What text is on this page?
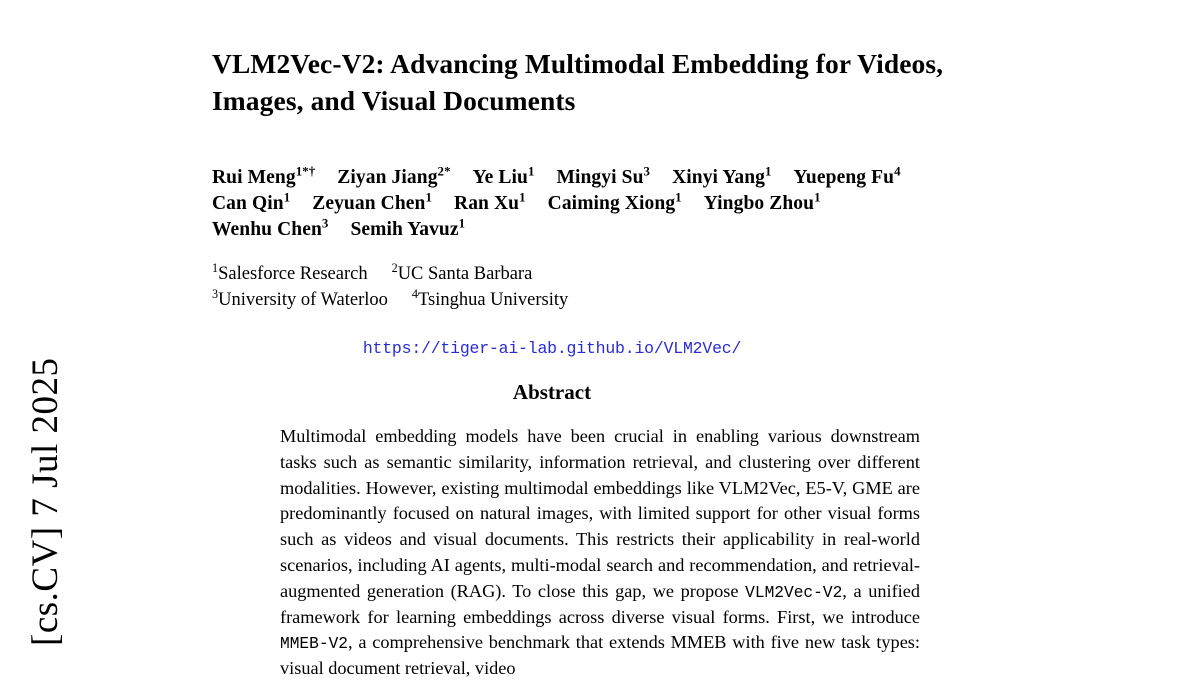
[cs.CV] 7 Jul 2025
VLM2Vec-V2: Advancing Multimodal Embedding for Videos, Images, and Visual Documents
Rui Meng$^{1*\dagger}$ Ziyan Jiang$^{2*}$ Ye Liu$^1$ Mingyi Su$^3$ Xinyi Yang$^1$ Yuepeng Fu$^4$
Can Qin$^1$ Zeyuan Chen$^1$ Ran Xu$^1$ Caiming Xiong$^1$ Yingbo Zhou$^1$
Wenhu Chen$^3$ Semih Yavuz$^1$
$^1$Salesforce Research $^2$UC Santa Barbara
$^3$University of Waterloo $^4$Tsinghua University
https://tiger-ai-lab.github.io/VLM2Vec/
Abstract
Multimodal embedding models have been crucial in enabling various downstream tasks such as semantic similarity, information retrieval, and clustering over different modalities. However, existing multimodal embeddings like VLM2Vec, E5-V, GME are predominantly focused on natural images, with limited support for other visual forms such as videos and visual documents. This restricts their applicability in real-world scenarios, including AI agents, multi-modal search and recommendation, and retrieval-augmented generation (RAG). To close this gap, we propose VLM2Vec-V2, a unified framework for learning embeddings across diverse visual forms. First, we introduce MMEB-V2, a comprehensive benchmark that extends MMEB with five new task types: visual document retrieval, video
